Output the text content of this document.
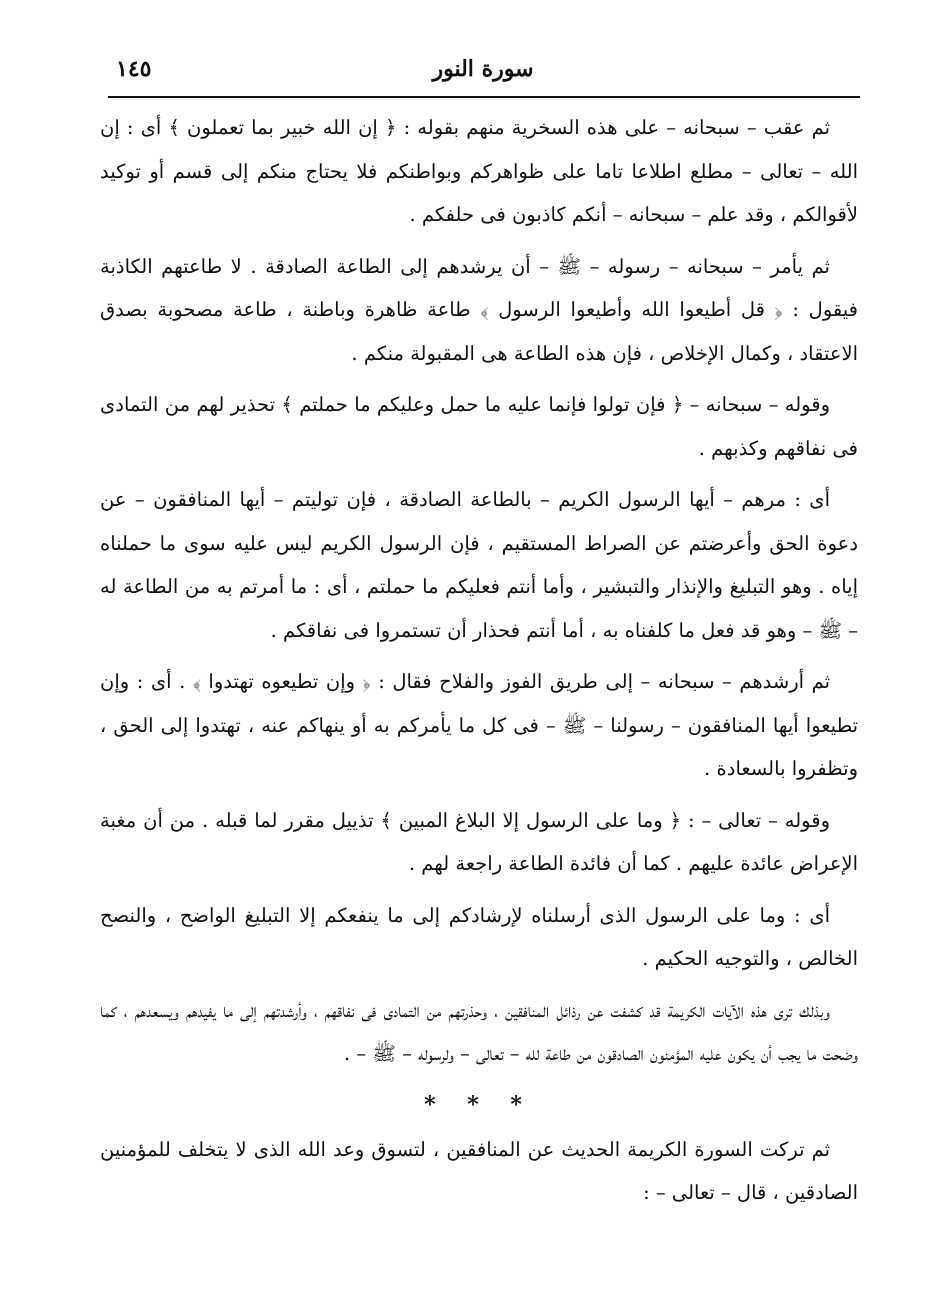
١٤٥	سورة النور

ثم عقب – سبحانه – على هذه السخرية منهم بقوله : ﴿ إن الله خبير بما تعملون ﴾ أى : إن الله – تعالى – مطلع اطلاعا تاما على ظواهركم وبواطنكم فلا يحتاج منكم إلى قسم أو توكيد لأقوالكم ، وقد علم – سبحانه – أنكم كاذبون فى حلفكم .

ثم يأمر – سبحانه – رسوله – ﷺ – أن يرشدهم إلى الطاعة الصادقة . لا طاعتهم الكاذبة فيقول : ﴿ قل أطيعوا الله وأطيعوا الرسول ﴾ طاعة ظاهرة وباطنة ، طاعة مصحوبة بصدق الاعتقاد ، وكمال الإخلاص ، فإن هذه الطاعة هى المقبولة منكم .

وقوله – سبحانه – ﴿ فإن تولوا فإنما عليه ما حمل وعليكم ما حملتم ﴾ تحذير لهم من التمادى فى نفاقهم وكذبهم .

أى : مرهم – أيها الرسول الكريم – بالطاعة الصادقة ، فإن توليتم – أيها المنافقون – عن دعوة الحق وأعرضتم عن الصراط المستقيم ، فإن الرسول الكريم ليس عليه سوى ما حملناه إياه . وهو التبليغ والإنذار والتبشير ، وأما أنتم فعليكم ما حملتم ، أى : ما أمرتم به من الطاعة له – ﷺ – وهو قد فعل ما كلفناه به ، أما أنتم فحذار أن تستمروا فى نفاقكم .

ثم أرشدهم – سبحانه – إلى طريق الفوز والفلاح فقال : ﴿ وإن تطيعوه تهتدوا ﴾ . أى : وإن تطيعوا أيها المنافقون – رسولنا – ﷺ – فى كل ما يأمركم به أو ينهاكم عنه ، تهتدوا إلى الحق ، وتظفروا بالسعادة .

وقوله – تعالى – : ﴿ وما على الرسول إلا البلاغ المبين ﴾ تذييل مقرر لما قبله . من أن مغبة الإعراض عائدة عليهم . كما أن فائدة الطاعة راجعة لهم .

أى : وما على الرسول الذى أرسلناه لإرشادكم إلى ما ينفعكم إلا التبليغ الواضح ، والنصح الخالص ، والتوجيه الحكيم .

وبذلك ترى هذه الآيات الكريمة قد كشفت عن رذائل المنافقين ، وحذرتهم من التمادى فى نفاقهم ، وأرشدتهم إلى ما يفيدهم ويسعدهم ، كما وضحت ما يجب أن يكون عليه المؤمنون الصادقون من طاعة لله – تعالى – ولرسوله – ﷺ – .

* * *

ثم تركت السورة الكريمة الحديث عن المنافقين ، لتسوق وعد الله الذى لا يتخلف للمؤمنين الصادقين ، قال – تعالى – :
